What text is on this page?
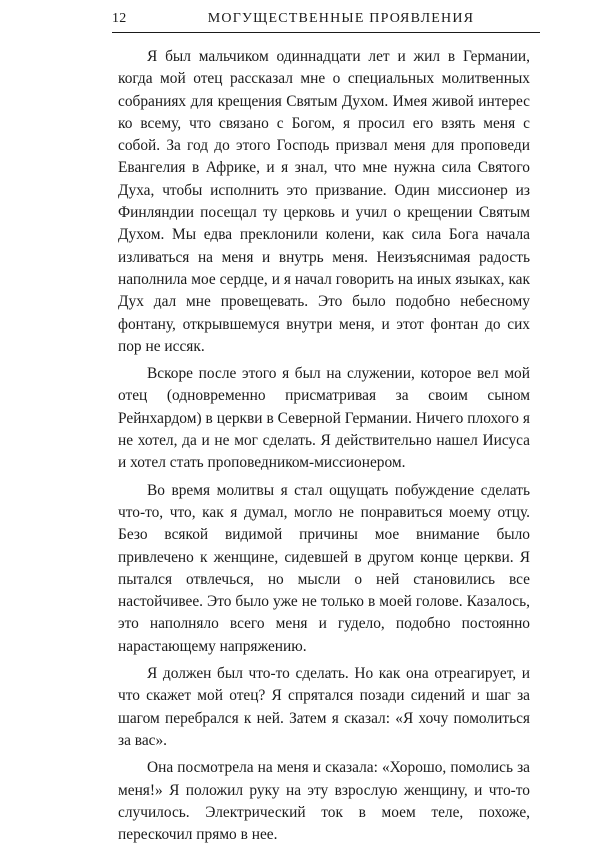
12	МОГУЩЕСТВЕННЫЕ ПРОЯВЛЕНИЯ

Я был мальчиком одиннадцати лет и жил в Германии, когда мой отец рассказал мне о специальных молитвенных собраниях для крещения Святым Духом. Имея живой интерес ко всему, что связано с Богом, я просил его взять меня с собой. За год до этого Господь призвал меня для проповеди Евангелия в Африке, и я знал, что мне нужна сила Святого Духа, чтобы исполнить это призвание. Один миссионер из Финляндии посещал ту церковь и учил о крещении Святым Духом. Мы едва преклонили колени, как сила Бога начала изливаться на меня и внутрь меня. Неизъяснимая радость наполнила мое сердце, и я начал говорить на иных языках, как Дух дал мне провещевать. Это было подобно небесному фонтану, открывшемуся внутри меня, и этот фонтан до сих пор не иссяк.

Вскоре после этого я был на служении, которое вел мой отец (одновременно присматривая за своим сыном Рейнхардом) в церкви в Северной Германии. Ничего плохого я не хотел, да и не мог сделать. Я действительно нашел Иисуса и хотел стать проповедником-миссионером.

Во время молитвы я стал ощущать побуждение сделать что-то, что, как я думал, могло не понравиться моему отцу. Безо всякой видимой причины мое внимание было привлечено к женщине, сидевшей в другом конце церкви. Я пытался отвлечься, но мысли о ней становились все настойчивее. Это было уже не только в моей голове. Казалось, это наполняло всего меня и гудело, подобно постоянно нарастающему напряжению.

Я должен был что-то сделать. Но как она отреагирует, и что скажет мой отец? Я спрятался позади сидений и шаг за шагом перебрался к ней. Затем я сказал: «Я хочу помолиться за вас».

Она посмотрела на меня и сказала: «Хорошо, помолись за меня!» Я положил руку на эту взрослую женщину, и что-то случилось. Электрический ток в моем теле, похоже, перескочил прямо в нее.
